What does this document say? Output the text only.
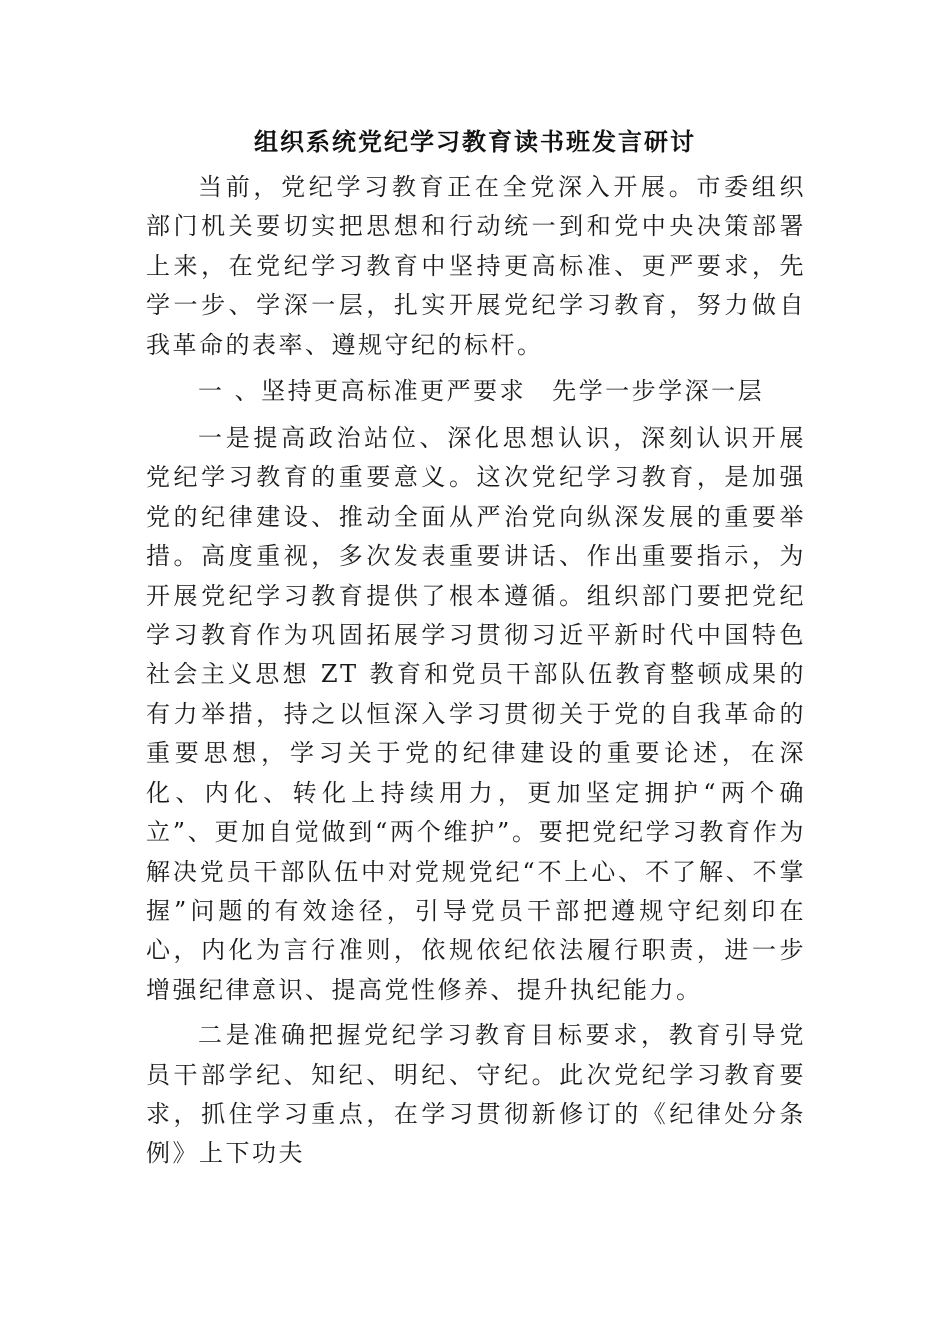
组织系统党纪学习教育读书班发言研讨

当前，党纪学习教育正在全党深入开展。市委组织部门机关要切实把思想和行动统一到和党中央决策部署上来，在党纪学习教育中坚持更高标准、更严要求，先学一步、学深一层，扎实开展党纪学习教育，努力做自我革命的表率、遵规守纪的标杆。

一 、坚持更高标准更严要求 先学一步学深一层

一是提高政治站位、深化思想认识，深刻认识开展党纪学习教育的重要意义。这次党纪学习教育，是加强党的纪律建设、推动全面从严治党向纵深发展的重要举措。高度重视，多次发表重要讲话、作出重要指示，为开展党纪学习教育提供了根本遵循。组织部门要把党纪学习教育作为巩固拓展学习贯彻习近平新时代中国特色社会主义思想 ZT 教育和党员干部队伍教育整顿成果的有力举措，持之以恒深入学习贯彻关于党的自我革命的重要思想，学习关于党的纪律建设的重要论述，在深化、内化、转化上持续用力，更加坚定拥护“两个确立”、更加自觉做到“两个维护”。要把党纪学习教育作为解决党员干部队伍中对党规党纪“不上心、不了解、不掌握”问题的有效途径，引导党员干部把遵规守纪刻印在心，内化为言行准则，依规依纪依法履行职责，进一步增强纪律意识、提高党性修养、提升执纪能力。

二是准确把握党纪学习教育目标要求，教育引导党员干部学纪、知纪、明纪、守纪。此次党纪学习教育要求，抓住学习重点，在学习贯彻新修订的《纪律处分条例》上下功夫
